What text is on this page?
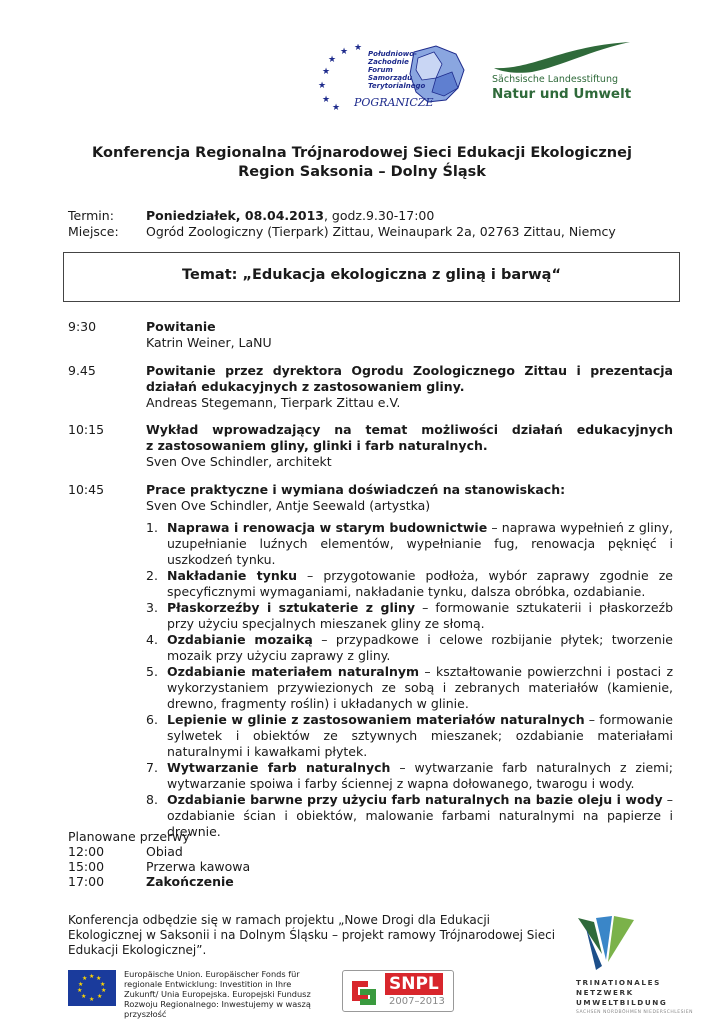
★
★
★ ★
★
★
★
Południowo-
Zachodnie
Forum
Samorządu
Terytorialnego
POGRANICZE
Sächsische Landesstiftung
Natur und Umwelt
Konferencja Regionalna Trójnarodowej Sieci Edukacji Ekologicznej
Region Saksonia – Dolny Śląsk
Termin:	Poniedziałek, 08.04.2013, godz.9.30-17:00
Miejsce: Ogród Zoologiczny (Tierpark) Zittau, Weinaupark 2a, 02763 Zittau, Niemcy
Temat: „Edukacja ekologiczna z gliną i barwą“
9:30	Powitanie
Katrin Weiner, LaNU
9.45	Powitanie przez dyrektora Ogrodu Zoologicznego Zittau i prezentacja
działań edukacyjnych z zastosowaniem gliny.
Andreas Stegemann, Tierpark Zittau e.V.
10:15	Wykład wprowadzający na temat możliwości działań edukacyjnych
z zastosowaniem gliny, glinki i farb naturalnych.
Sven Ove Schindler, architekt
10:45	Prace praktyczne i wymiana doświadczeń na stanowiskach:
Sven Ove Schindler, Antje Seewald (artystka)
1. Naprawa i renowacja w starym budownictwie – naprawa wypełnień z gliny, uzupełnianie luźnych elementów, wypełnianie fug, renowacja pęknięć i uszkodzeń tynku.
2. Nakładanie tynku – przygotowanie podłoża, wybór zaprawy zgodnie ze specyficznymi wymaganiami, nakładanie tynku, dalsza obróbka, ozdabianie.
3. Płaskorzeźby i sztukaterie z gliny – formowanie sztukaterii i płaskorzeźb przy użyciu specjalnych mieszanek gliny ze słomą.
4. Ozdabianie mozaiką – przypadkowe i celowe rozbijanie płytek; tworzenie mozaik przy użyciu zaprawy z gliny.
5. Ozdabianie materiałem naturalnym – kształtowanie powierzchni i postaci z wykorzystaniem przywiezionych ze sobą i zebranych materiałów (kamienie, drewno, fragmenty roślin) i układanych w glinie.
6. Lepienie w glinie z zastosowaniem materiałów naturalnych – formowanie sylwetek i obiektów ze sztywnych mieszanek; ozdabianie materiałami naturalnymi i kawałkami płytek.
7. Wytwarzanie farb naturalnych – wytwarzanie farb naturalnych z ziemi; wytwarzanie spoiwa i farby ściennej z wapna dołowanego, twarogu i wody.
8. Ozdabianie barwne przy użyciu farb naturalnych na bazie oleju i wody – ozdabianie ścian i obiektów, malowanie farbami naturalnymi na papierze i drewnie.
Planowane przerwy
12:00	Obiad
15:00	Przerwa kawowa
17:00	Zakończenie
Konferencja odbędzie się w ramach projektu „Nowe Drogi dla Edukacji Ekologicznej w Saksonii i na Dolnym Śląsku – projekt ramowy Trójnarodowej Sieci Edukacji Ekologicznej”.
★ ★
★
★
★
★
★
★
★
★	Europäische Union. Europäischer Fonds für regionale Entwicklung: Investition in Ihre Zukunft/ Unia Europejska. Europejski Fundusz Rozwoju Regionalnego: Inwestujemy w waszą przyszłość
SNPL
2007–2013
TRINATIONALES
NETZWERK
UMWELTBILDUNG
SACHSEN NORDBÖHMEN NIEDERSCHLESIEN
